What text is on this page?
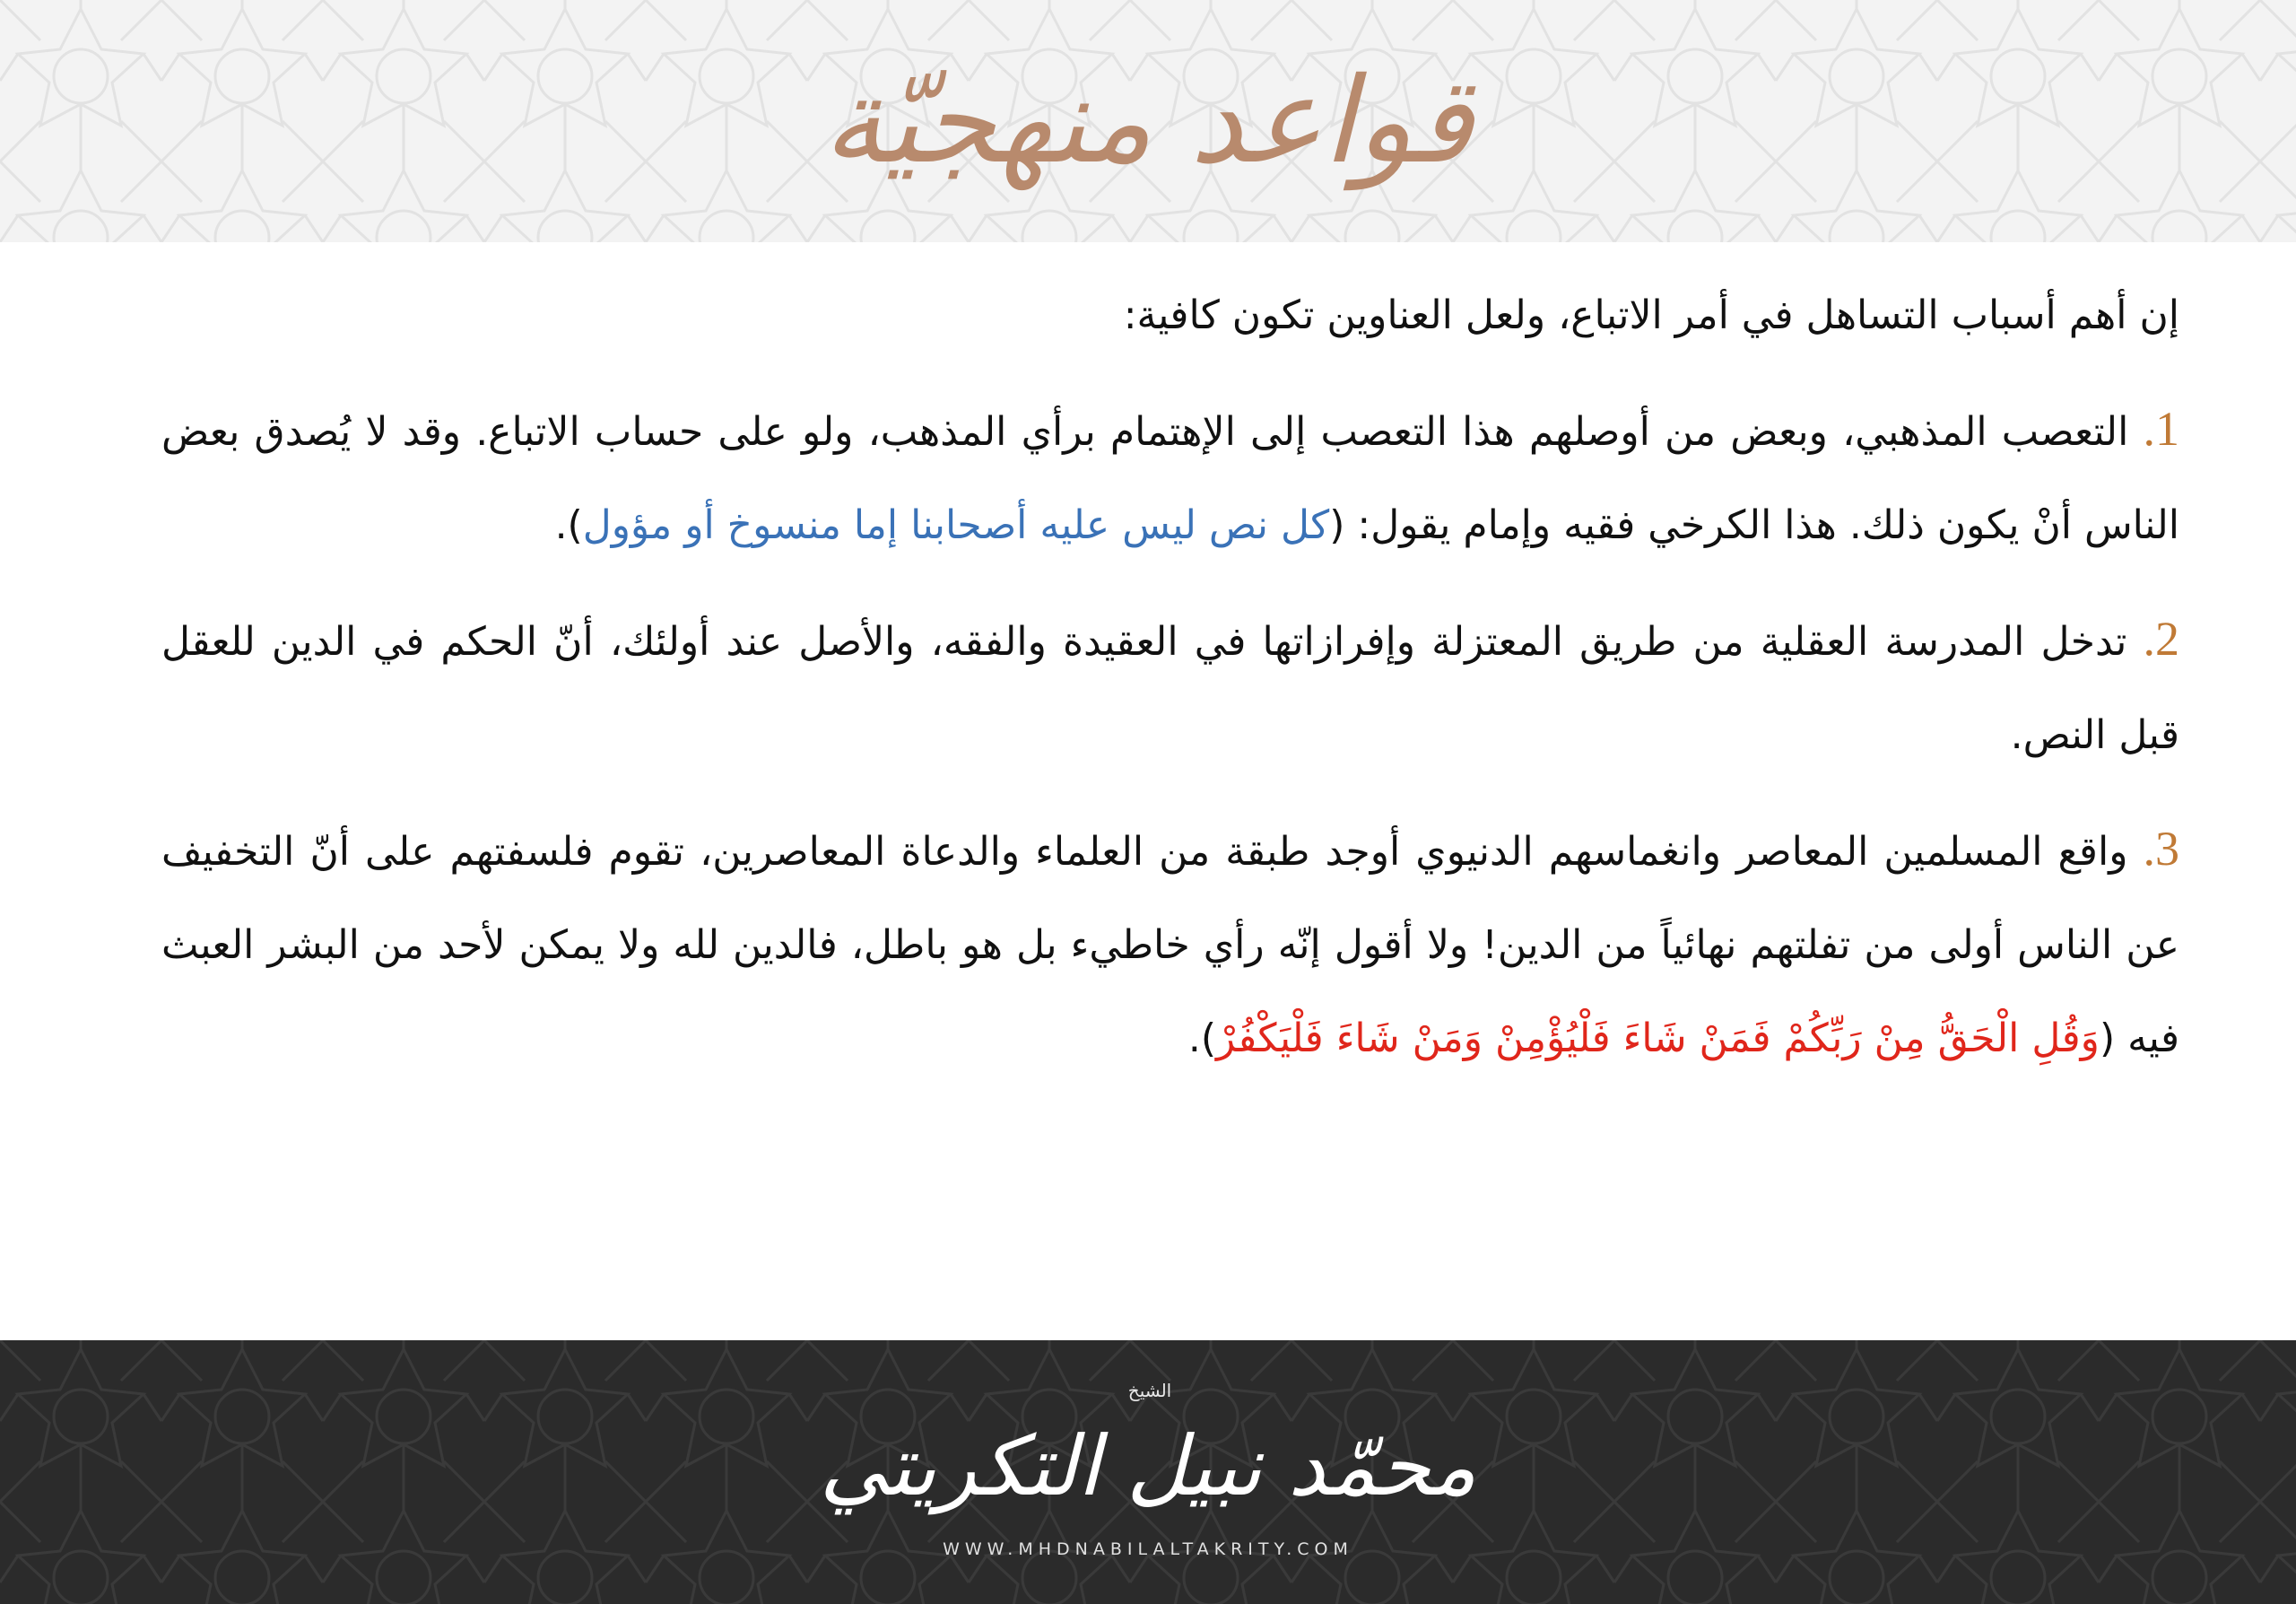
قواعد منهجيّة

إن أهم أسباب التساهل في أمر الاتباع، ولعل العناوين تكون كافية:

1. التعصب المذهبي، وبعض من أوصلهم هذا التعصب إلى الإهتمام برأي المذهب، ولو على حساب الاتباع. وقد لا يُصدق بعض الناس أنْ يكون ذلك. هذا الكرخي فقيه وإمام يقول: (كل نص ليس عليه أصحابنا إما منسوخ أو مؤول).

2. تدخل المدرسة العقلية من طريق المعتزلة وإفرازاتها في العقيدة والفقه، والأصل عند أولئك، أنّ الحكم في الدين للعقل قبل النص.

3. واقع المسلمين المعاصر وانغماسهم الدنيوي أوجد طبقة من العلماء والدعاة المعاصرين، تقوم فلسفتهم على أنّ التخفيف عن الناس أولى من تفلتهم نهائياً من الدين! ولا أقول إنّه رأي خاطيء بل هو باطل، فالدين لله ولا يمكن لأحد من البشر العبث فيه (وَقُلِ الْحَقُّ مِنْ رَبِّكُمْ فَمَنْ شَاءَ فَلْيُؤْمِنْ وَمَنْ شَاءَ فَلْيَكْفُرْ).

الشيخ
محمّد نبيل التكريتي
WWW.MHDNABILALTAKRITY.COM
